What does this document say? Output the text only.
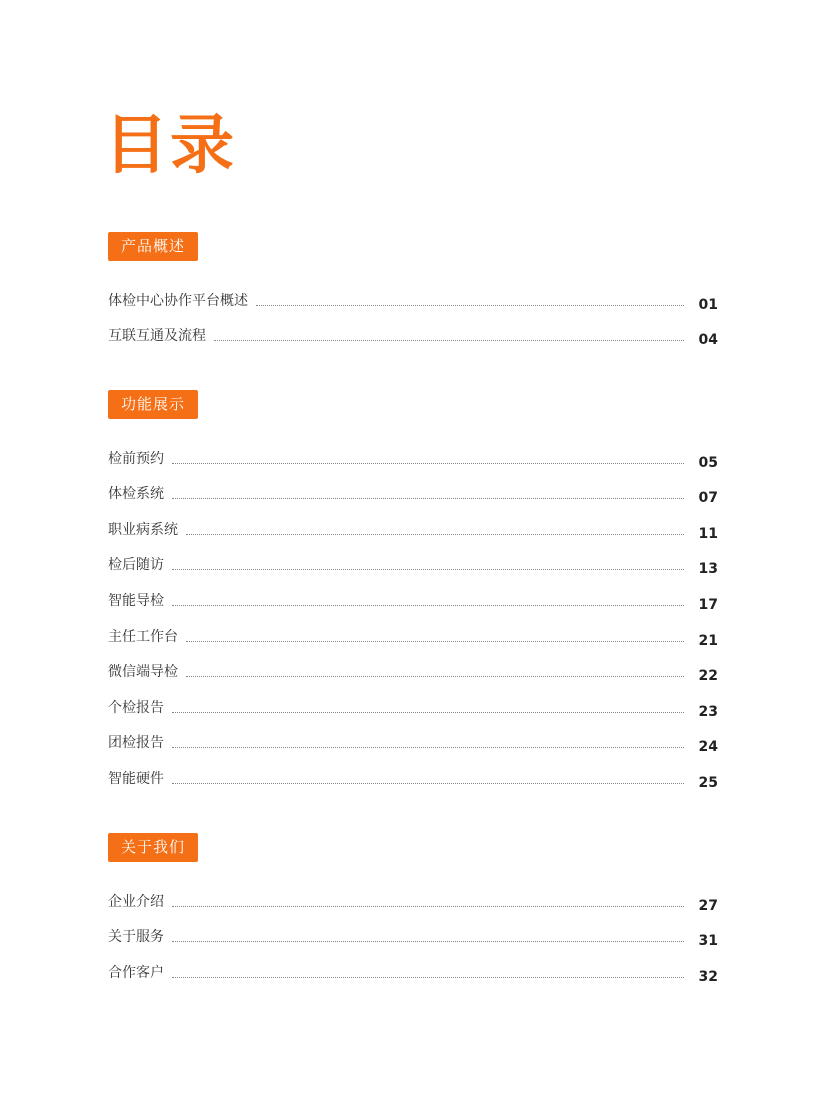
目录
产品概述
体检中心协作平台概述	01
互联互通及流程	04
功能展示
检前预约	05
体检系统	07
职业病系统	11
检后随访	13
智能导检	17
主任工作台	21
微信端导检	22
个检报告	23
团检报告	24
智能硬件	25
关于我们
企业介绍	27
关于服务	31
合作客户	32
